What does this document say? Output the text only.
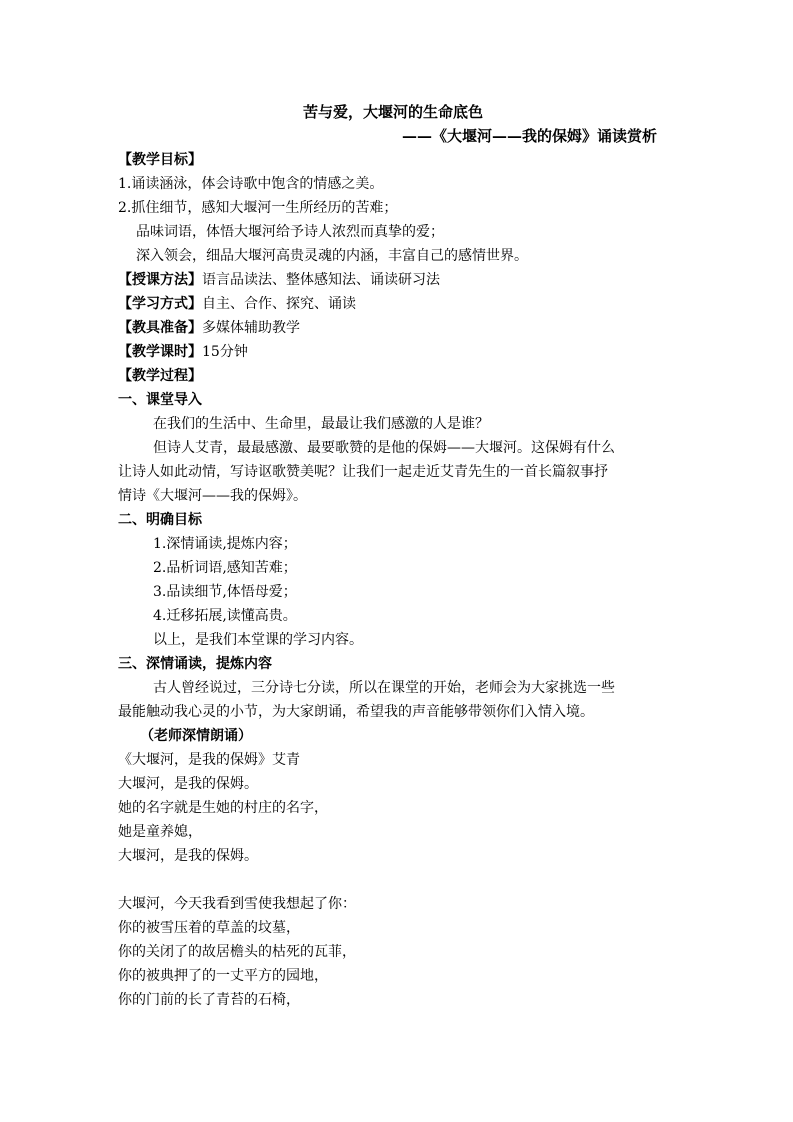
苦与爱，大堰河的生命底色
——《大堰河——我的保姆》诵读赏析
【教学目标】
1.诵读涵泳，体会诗歌中饱含的情感之美。
2.抓住细节，感知大堰河一生所经历的苦难；
品味词语，体悟大堰河给予诗人浓烈而真挚的爱；
深入领会，细品大堰河高贵灵魂的内涵，丰富自己的感情世界。
【授课方法】语言品读法、整体感知法、诵读研习法
【学习方式】自主、合作、探究、诵读
【教具准备】多媒体辅助教学
【教学课时】15分钟
【教学过程】
一、课堂导入
在我们的生活中、生命里，最最让我们感激的人是谁？
但诗人艾青，最最感激、最要歌赞的是他的保姆——大堰河。这保姆有什么
让诗人如此动情，写诗讴歌赞美呢？让我们一起走近艾青先生的一首长篇叙事抒
情诗《大堰河——我的保姆》。
二、明确目标
1.深情诵读,提炼内容；
2.品析词语,感知苦难；
3.品读细节,体悟母爱；
4.迁移拓展,读懂高贵。
以上，是我们本堂课的学习内容。
三、深情诵读，提炼内容
古人曾经说过，三分诗七分读，所以在课堂的开始，老师会为大家挑选一些
最能触动我心灵的小节，为大家朗诵，希望我的声音能够带领你们入情入境。
（老师深情朗诵）
《大堰河，是我的保姆》艾青
大堰河，是我的保姆。
她的名字就是生她的村庄的名字，
她是童养媳，
大堰河，是我的保姆。
大堰河，今天我看到雪使我想起了你：
你的被雪压着的草盖的坟墓，
你的关闭了的故居檐头的枯死的瓦菲，
你的被典押了的一丈平方的园地，
你的门前的长了青苔的石椅，
